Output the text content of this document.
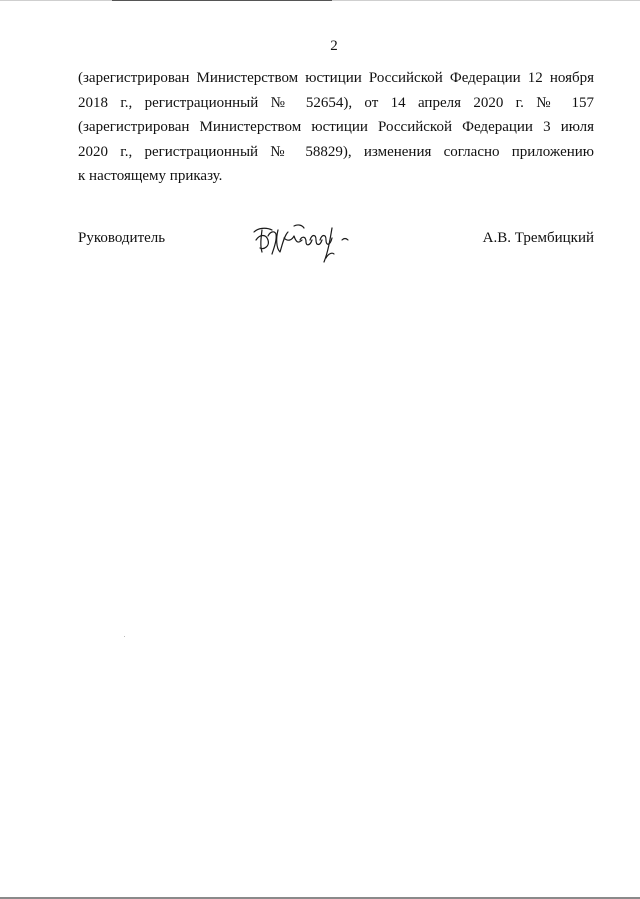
2
(зарегистрирован Министерством юстиции Российской Федерации 12 ноября
2018 г., регистрационный № 52654), от 14 апреля 2020 г. № 157
(зарегистрирован Министерством юстиции Российской Федерации 3 июля
2020 г., регистрационный № 58829), изменения согласно приложению
к настоящему приказу.
Руководитель	А.В. Трембицкий
